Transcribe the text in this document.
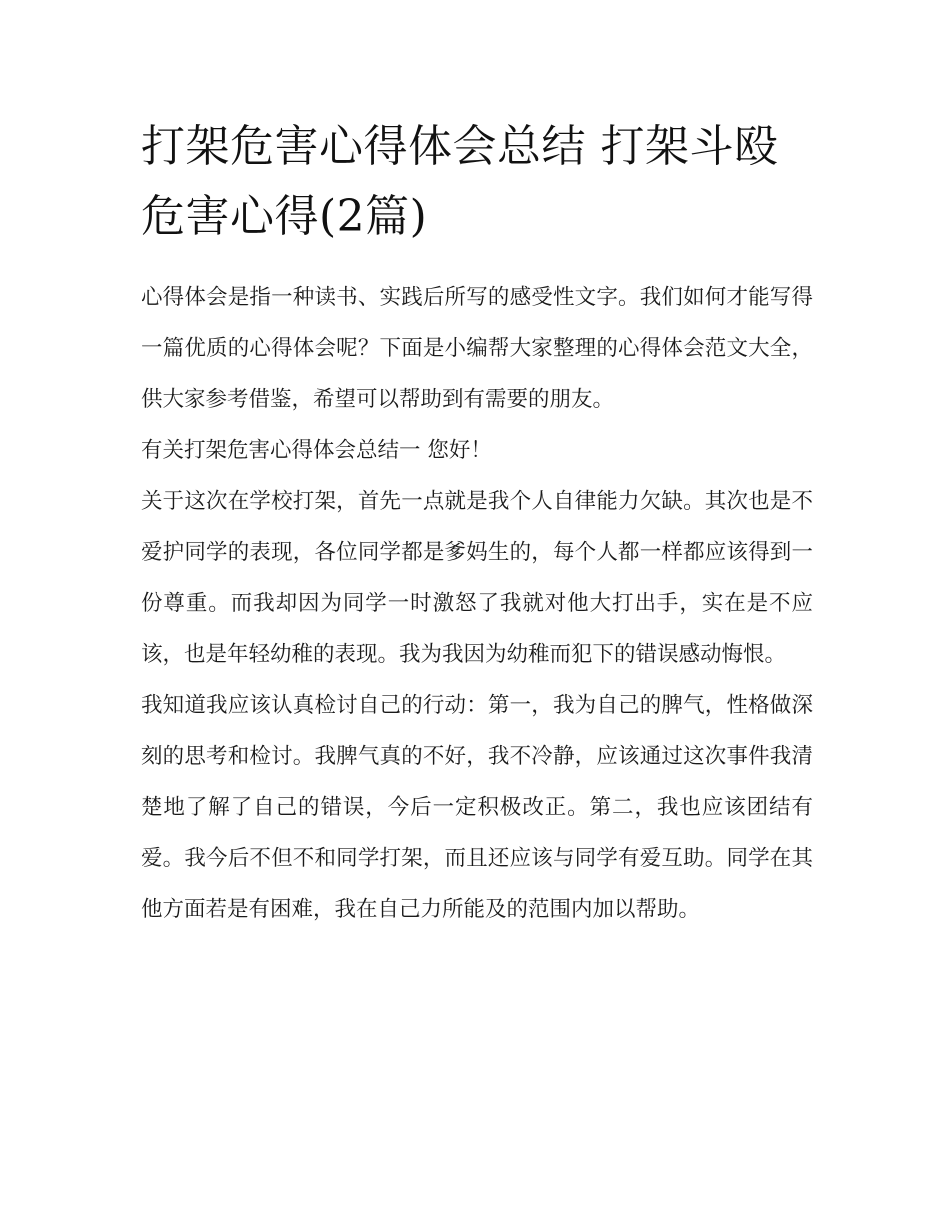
打架危害心得体会总结 打架斗殴危害心得(2篇)

心得体会是指一种读书、实践后所写的感受性文字。我们如何才能写得一篇优质的心得体会呢？下面是小编帮大家整理的心得体会范文大全，供大家参考借鉴，希望可以帮助到有需要的朋友。

有关打架危害心得体会总结一 您好！

关于这次在学校打架，首先一点就是我个人自律能力欠缺。其次也是不爱护同学的表现，各位同学都是爹妈生的，每个人都一样都应该得到一份尊重。而我却因为同学一时激怒了我就对他大打出手，实在是不应该，也是年轻幼稚的表现。我为我因为幼稚而犯下的错误感动悔恨。

我知道我应该认真检讨自己的行动：第一，我为自己的脾气，性格做深刻的思考和检讨。我脾气真的不好，我不冷静，应该通过这次事件我清楚地了解了自己的错误，今后一定积极改正。第二，我也应该团结有爱。我今后不但不和同学打架，而且还应该与同学有爱互助。同学在其他方面若是有困难，我在自己力所能及的范围内加以帮助。
